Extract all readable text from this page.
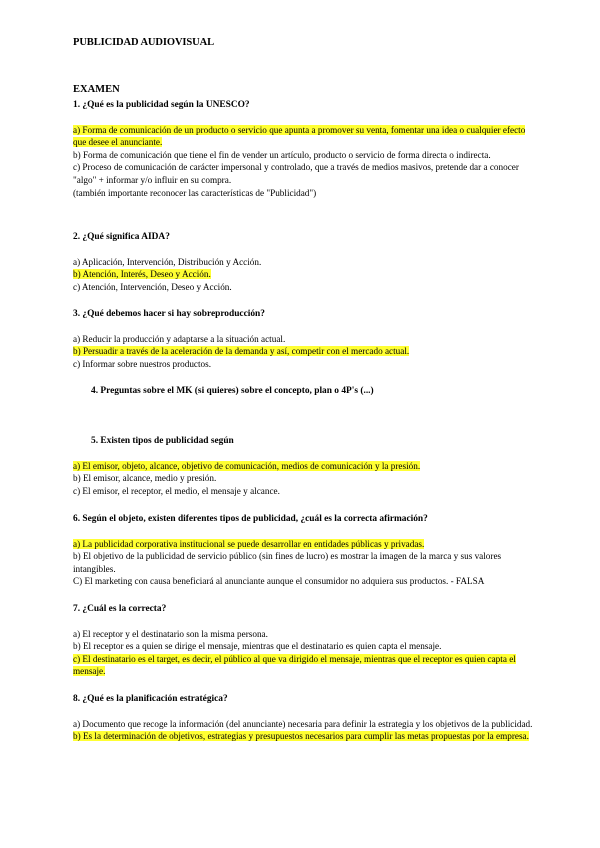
PUBLICIDAD AUDIOVISUAL
EXAMEN
1. ¿Qué es la publicidad según la UNESCO?

a) Forma de comunicación de un producto o servicio que apunta a promover su venta, fomentar una idea o cualquier efecto que desee el anunciante.

b) Forma de comunicación que tiene el fin de vender un artículo, producto o servicio de forma directa o indirecta.

c) Proceso de comunicación de carácter impersonal y controlado, que a través de medios masivos, pretende dar a conocer "algo" + informar y/o influir en su compra.

(también importante reconocer las características de "Publicidad")

2. ¿Qué significa AIDA?

a) Aplicación, Intervención, Distribución y Acción.

b) Atención, Interés, Deseo y Acción.

c) Atención, Intervención, Deseo y Acción.

3. ¿Qué debemos hacer si hay sobreproducción?

a) Reducir la producción y adaptarse a la situación actual.

b) Persuadir a través de la aceleración de la demanda y así, competir con el mercado actual.

c) Informar sobre nuestros productos.

4. Preguntas sobre el MK (si quieres) sobre el concepto, plan o 4P's (...)
5. Existen tipos de publicidad según

a) El emisor, objeto, alcance, objetivo de comunicación, medios de comunicación y la presión.

b) El emisor, alcance, medio y presión.

c) El emisor, el receptor, el medio, el mensaje y alcance.

6. Según el objeto, existen diferentes tipos de publicidad, ¿cuál es la correcta afirmación?

a) La publicidad corporativa institucional se puede desarrollar en entidades públicas y privadas.

b) El objetivo de la publicidad de servicio público (sin fines de lucro) es mostrar la imagen de la marca y sus valores intangibles.

C) El marketing con causa beneficiará al anunciante aunque el consumidor no adquiera sus productos. - FALSA

7. ¿Cuál es la correcta?

a) El receptor y el destinatario son la misma persona.

b) El receptor es a quien se dirige el mensaje, mientras que el destinatario es quien capta el mensaje.

c) El destinatario es el target, es decir, el público al que va dirigido el mensaje, mientras que el receptor es quien capta el mensaje.

8. ¿Qué es la planificación estratégica?

a) Documento que recoge la información (del anunciante) necesaria para definir la estrategia y los objetivos de la publicidad.

b) Es la determinación de objetivos, estrategias y presupuestos necesarios para cumplir las metas propuestas por la empresa.
